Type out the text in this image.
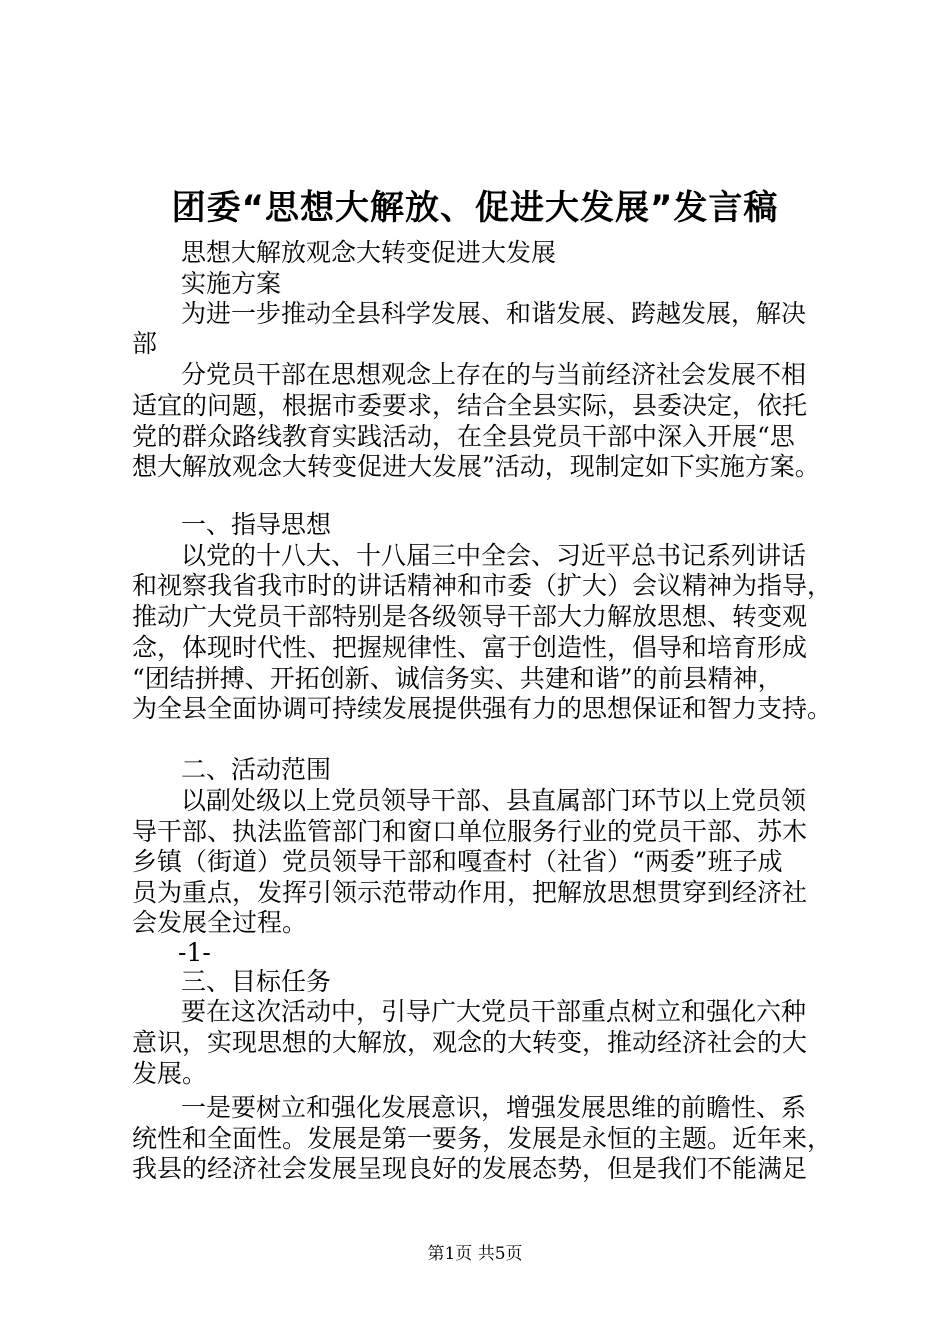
团委“思想大解放、促进大发展”发言稿
思想大解放观念大转变促进大发展
实施方案
为进一步推动全县科学发展、和谐发展、跨越发展，解决
部
分党员干部在思想观念上存在的与当前经济社会发展不相
适宜的问题，根据市委要求，结合全县实际，县委决定，依托
党的群众路线教育实践活动，在全县党员干部中深入开展“思
想大解放观念大转变促进大发展”活动，现制定如下实施方案。
一、指导思想
以党的十八大、十八届三中全会、习近平总书记系列讲话
和视察我省我市时的讲话精神和市委（扩大）会议精神为指导，
推动广大党员干部特别是各级领导干部大力解放思想、转变观
念，体现时代性、把握规律性、富于创造性，倡导和培育形成
“团结拼搏、开拓创新、诚信务实、共建和谐”的前县精神，
为全县全面协调可持续发展提供强有力的思想保证和智力支持。
二、活动范围
以副处级以上党员领导干部、县直属部门环节以上党员领
导干部、执法监管部门和窗口单位服务行业的党员干部、苏木
乡镇（街道）党员领导干部和嘎查村（社省）“两委”班子成
员为重点，发挥引领示范带动作用，把解放思想贯穿到经济社
会发展全过程。
-1-
三、目标任务
要在这次活动中，引导广大党员干部重点树立和强化六种
意识，实现思想的大解放，观念的大转变，推动经济社会的大
发展。
一是要树立和强化发展意识，增强发展思维的前瞻性、系
统性和全面性。发展是第一要务，发展是永恒的主题。近年来，
我县的经济社会发展呈现良好的发展态势，但是我们不能满足
第1页 共5页
